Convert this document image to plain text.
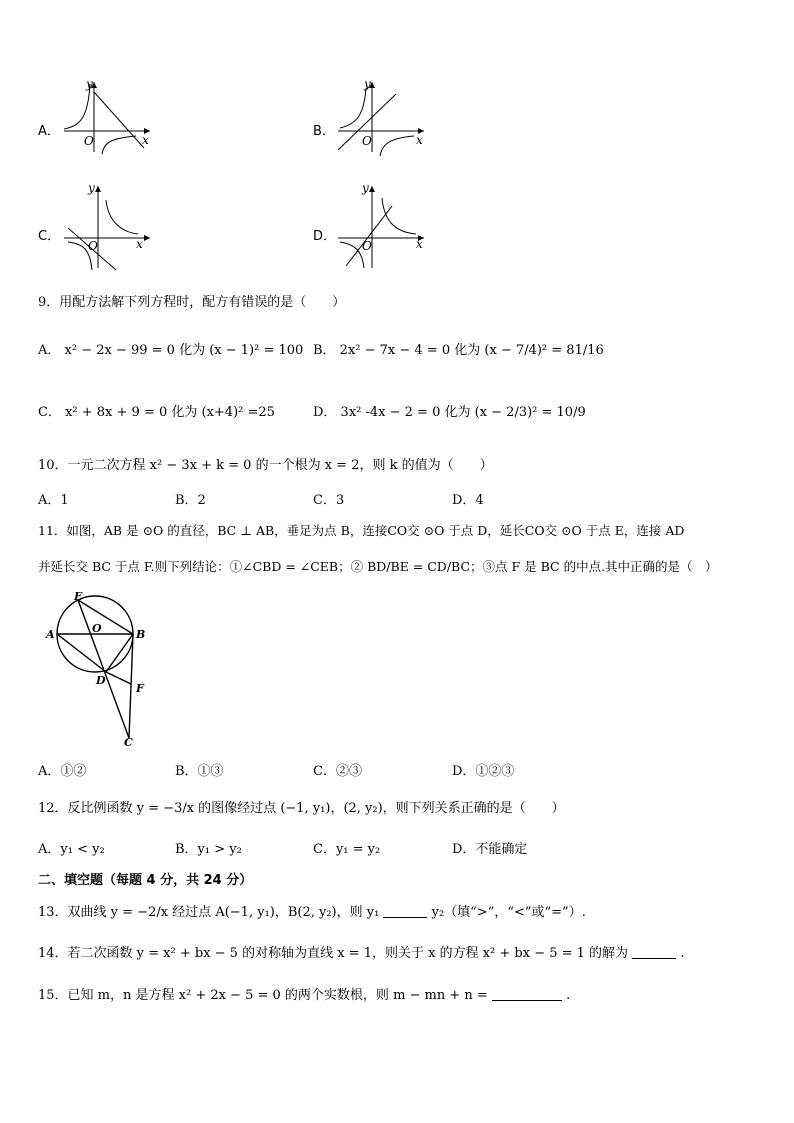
A．
x
y
O
B．
x
y
O
C．	x
y
O
D．	x
y
O
9．用配方法解下列方程时，配方有错误的是（　　）
A． x² − 2x − 99 = 0 化为 (x − 1)² = 100 B． 2x² − 7x − 4 = 0 化为 (x − 7/4)² = 81/16
C． x² + 8x + 9 = 0 化为 (x+4)² =25	D． 3x² -4x − 2 = 0 化为 (x − 2/3)² = 10/9
10．一元二次方程 x² − 3x + k = 0 的一个根为 x = 2，则 k 的值为（　　）
A．1	B．2	C．3	D．4
11．如图，AB 是 ⊙O 的直径，BC ⊥ AB，垂足为点 B，连接CO交 ⊙O 于点 D，延长CO交 ⊙O 于点 E，连接 AD
并延长交 BC 于点 F.则下列结论：①∠CBD = ∠CEB；② BD/BE = CD/BC；③点 F 是 BC 的中点.其中正确的是（　）
E
A	O	B
D
F
C
A．①②	B．①③	C．②③	D．①②③
12．反比例函数 y = −3/x 的图像经过点 (−1, y₁)，(2, y₂)，则下列关系正确的是（　　）
A．y₁ < y₂	B．y₁ > y₂	C．y₁ = y₂	D．不能确定
二、填空题（每题 4 分，共 24 分）
13．双曲线 y = −2/x 经过点 A(−1, y₁)，B(2, y₂)，则 y₁	y₂（填“>”，“<”或“=”）.
14．若二次函数 y = x² + bx − 5 的对称轴为直线 x = 1，则关于 x 的方程 x² + bx − 5 = 1 的解为	.
15．已知 m，n 是方程 x² + 2x − 5 = 0 的两个实数根，则 m − mn + n =	.
